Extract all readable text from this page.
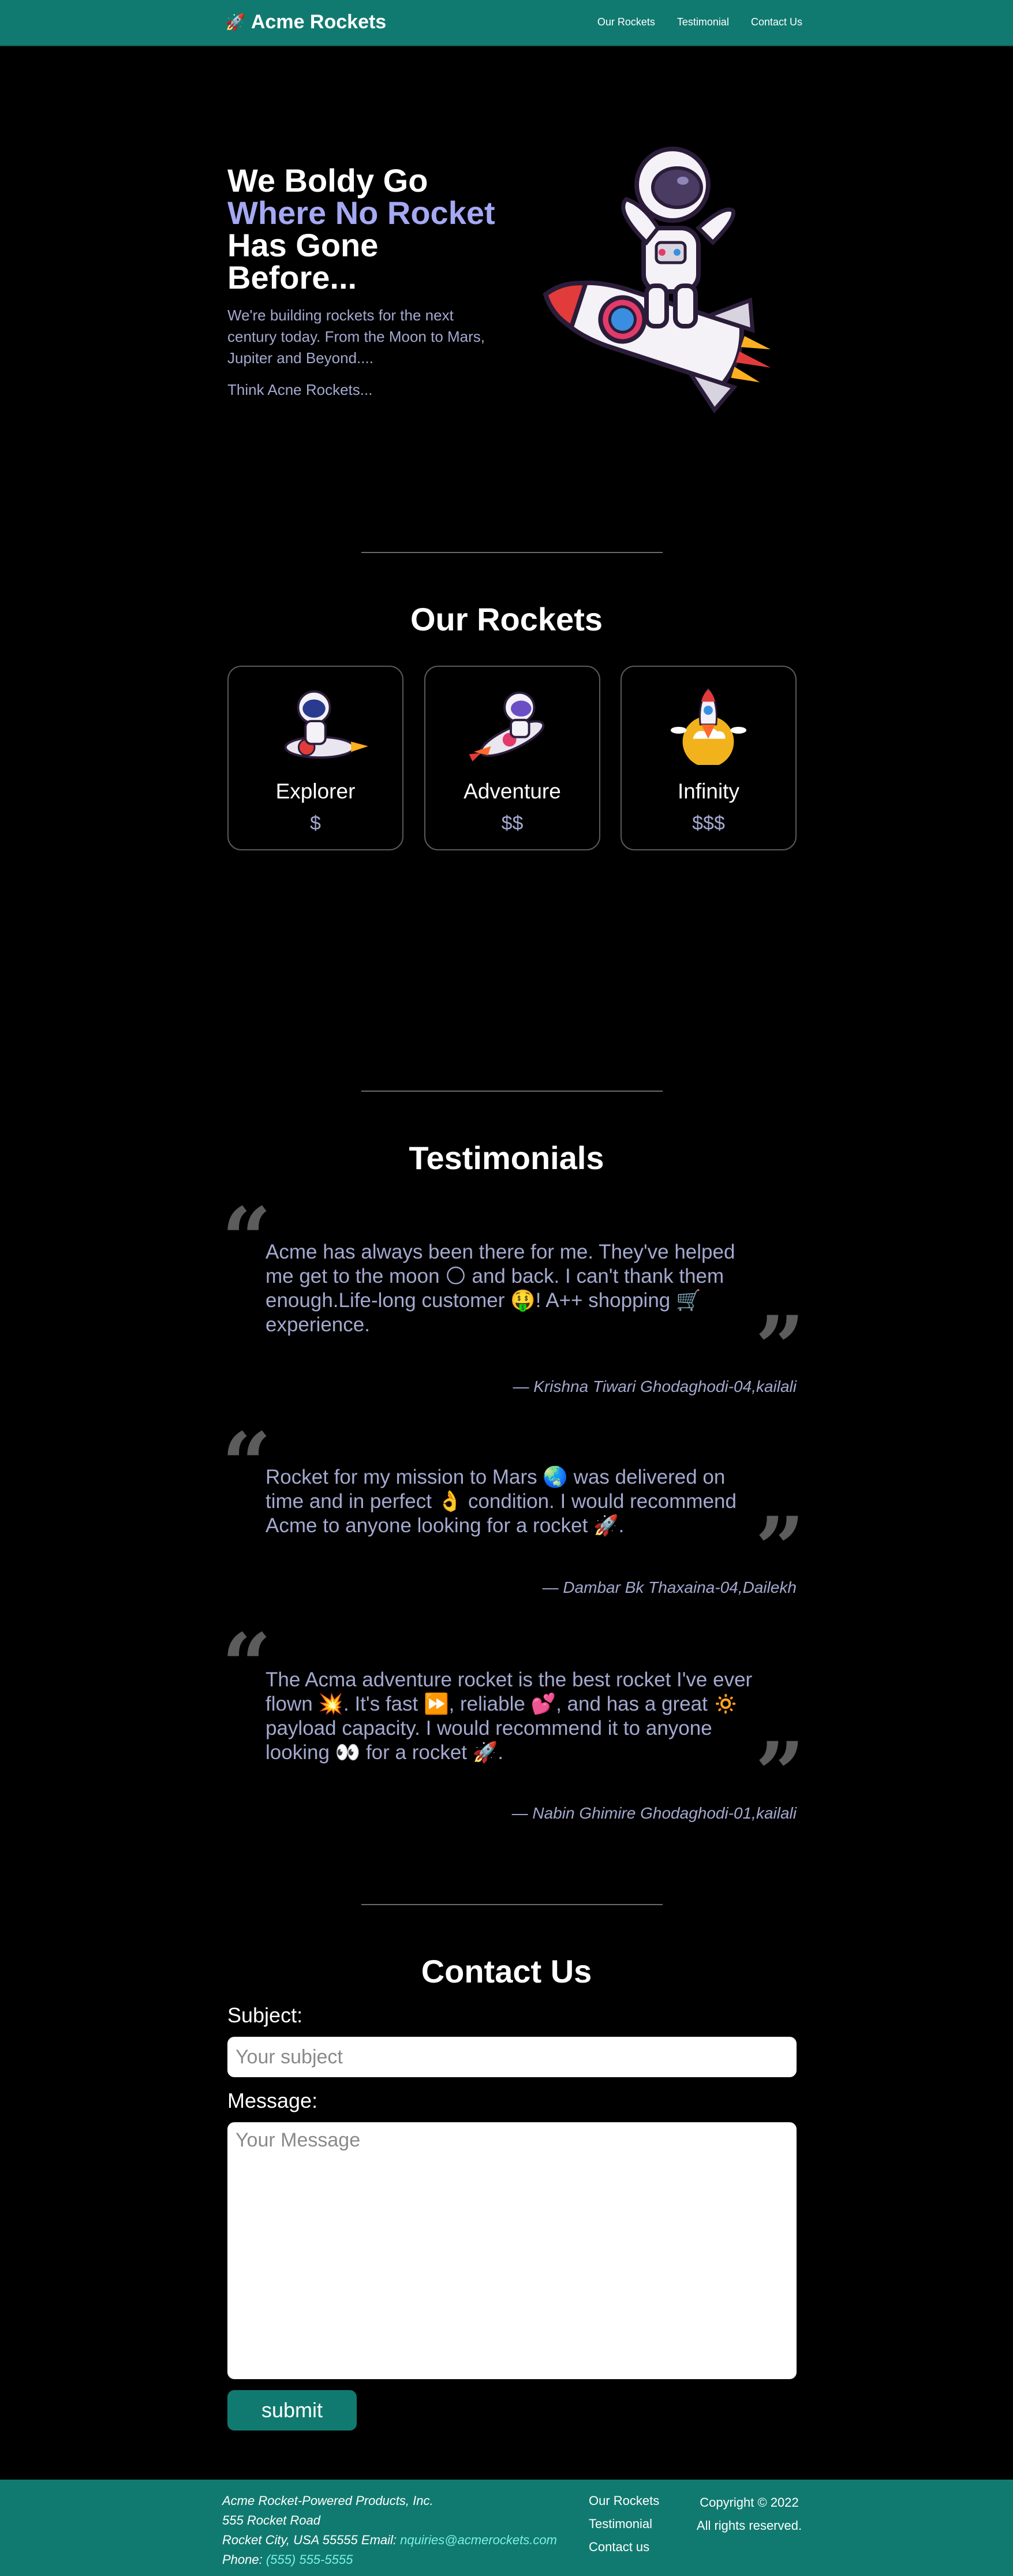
🚀 Acme Rockets	Our Rockets Testimonial Contact Us
We Boldy Go
Where No Rocket
Has Gone
Before...

We're building rockets for the next century today. From the Moon to Mars, Jupiter and Beyond....

Think Acne Rockets...

Our Rockets
Explorer
$
Adventure
$$
Infinity
$$$
Testimonials
“

Acme has always been there for me. They've helped me get to the moon 🌕 and back. I can't thank them enough.Life-long customer 🤑! A++ shopping 🛒 experience.	”

— Krishna Tiwari Ghodaghodi-04,kailali

“

Rocket for my mission to Mars 🌏 was delivered on time and in perfect 👌 condition. I would recommend Acme to anyone looking for a rocket 🚀.	”

— Dambar Bk Thaxaina-04,Dailekh

“

The Acma adventure rocket is the best rocket I've ever flown 💥. It's fast ⏩, reliable 💕, and has a great 🔅 payload capacity. I would recommend it to anyone looking 👀 for a rocket 🚀.	”

— Nabin Ghimire Ghodaghodi-01,kailali

Contact Us
Subject:
Your subject
Message:
Your Message
submit
Acme Rocket-Powered Products, Inc.
555 Rocket Road
Rocket City, USA 55555 Email: nquiries@acmerockets.com
Phone: (555) 555-5555
Our Rockets
Testimonial
Contact us
Copyright © 2022
All rights reserved.
